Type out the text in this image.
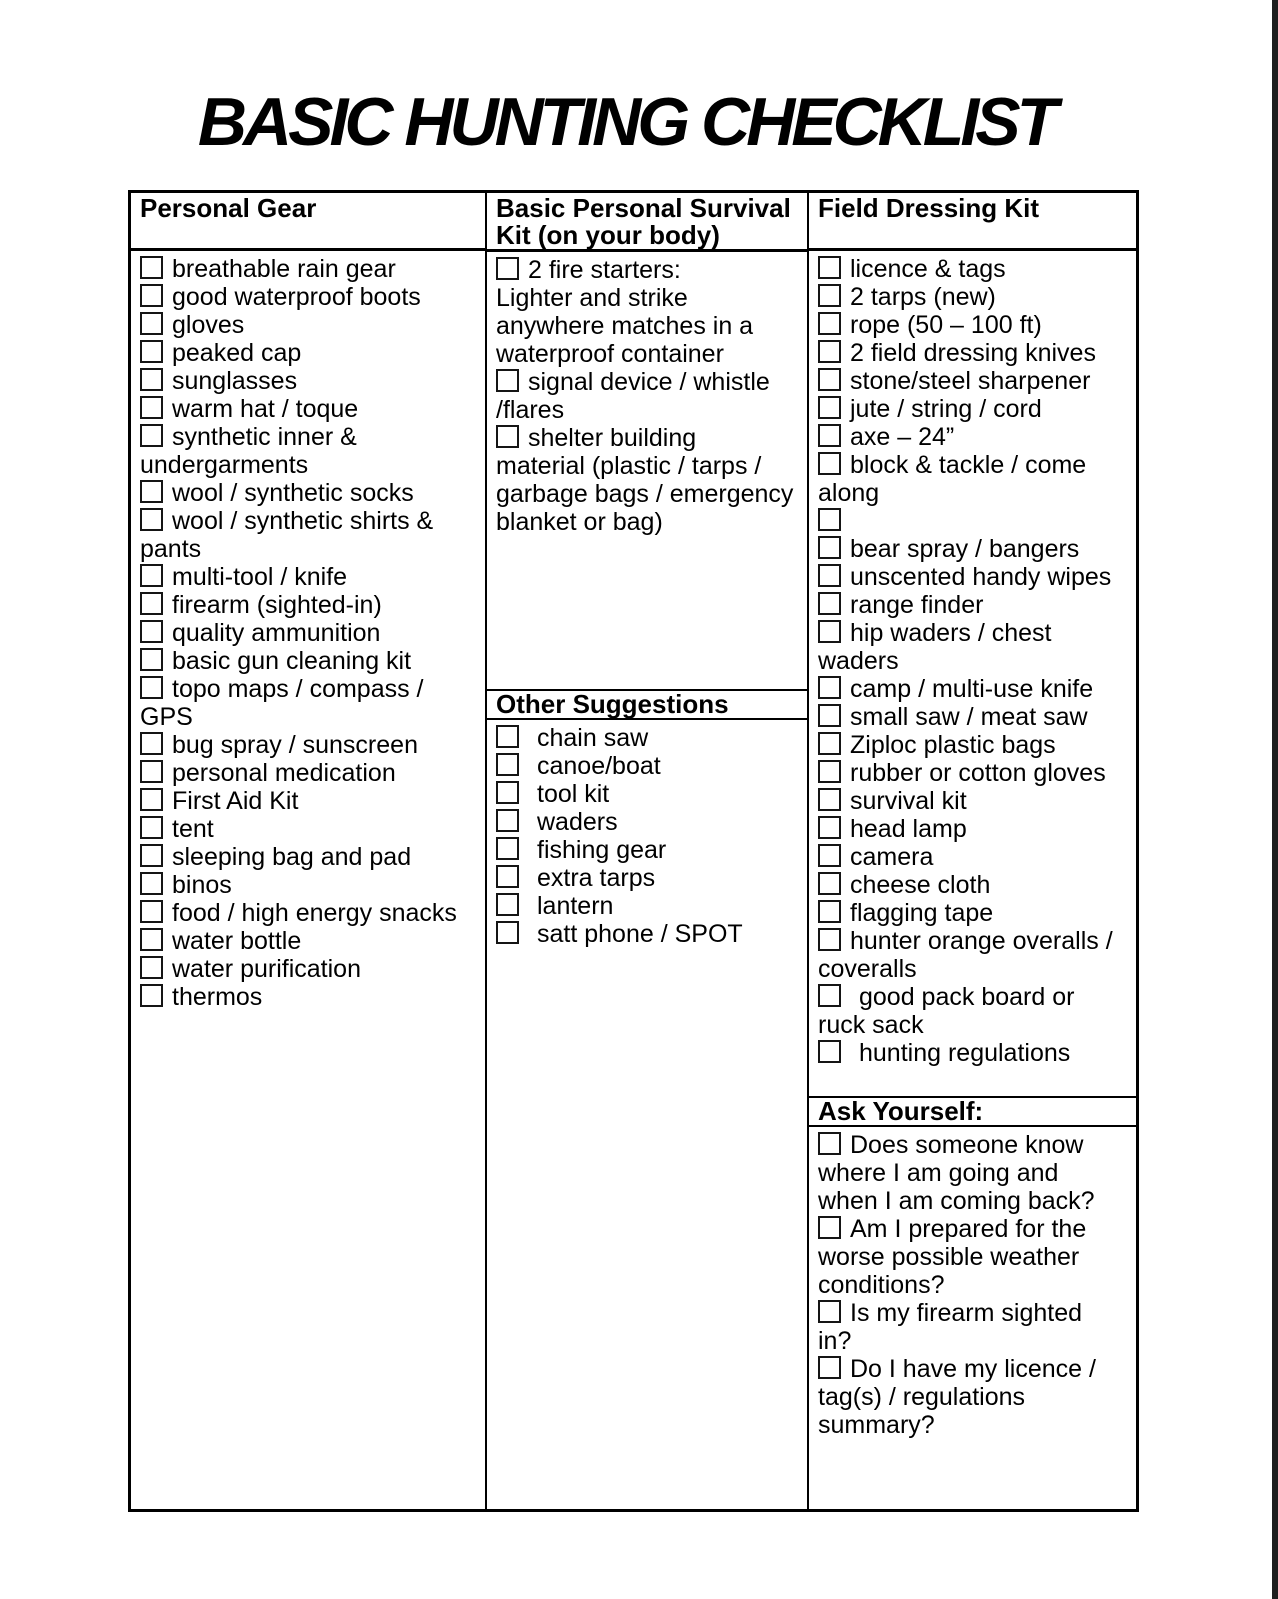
BASIC HUNTING CHECKLIST
Personal Gear
breathable rain gear
good waterproof boots
gloves
peaked cap
sunglasses
warm hat / toque
synthetic inner &
undergarments
wool / synthetic socks
wool / synthetic shirts &
pants
multi-tool / knife
firearm (sighted-in)
quality ammunition
basic gun cleaning kit
topo maps / compass /
GPS
bug spray / sunscreen
personal medication
First Aid Kit
tent
sleeping bag and pad
binos
food / high energy snacks
water bottle
water purification
thermos
Basic Personal Survival
Kit (on your body)
2 fire starters:
Lighter and strike
anywhere matches in a
waterproof container
signal device / whistle
/flares
shelter building
material (plastic / tarps /
garbage bags / emergency
blanket or bag)
Other Suggestions
chain saw
canoe/boat
tool kit
waders
fishing gear
extra tarps
lantern
satt phone / SPOT
Field Dressing Kit
licence & tags
2 tarps (new)
rope (50 – 100 ft)
2 field dressing knives
stone/steel sharpener
jute / string / cord
axe – 24”
block & tackle / come
along
bear spray / bangers
unscented handy wipes
range finder
hip waders / chest
waders
camp / multi-use knife
small saw / meat saw
Ziploc plastic bags
rubber or cotton gloves
survival kit
head lamp
camera
cheese cloth
flagging tape
hunter orange overalls /
coveralls
good pack board or
ruck sack
hunting regulations
Ask Yourself:
Does someone know
where I am going and
when I am coming back?
Am I prepared for the
worse possible weather
conditions?
Is my firearm sighted
in?
Do I have my licence /
tag(s) / regulations
summary?
